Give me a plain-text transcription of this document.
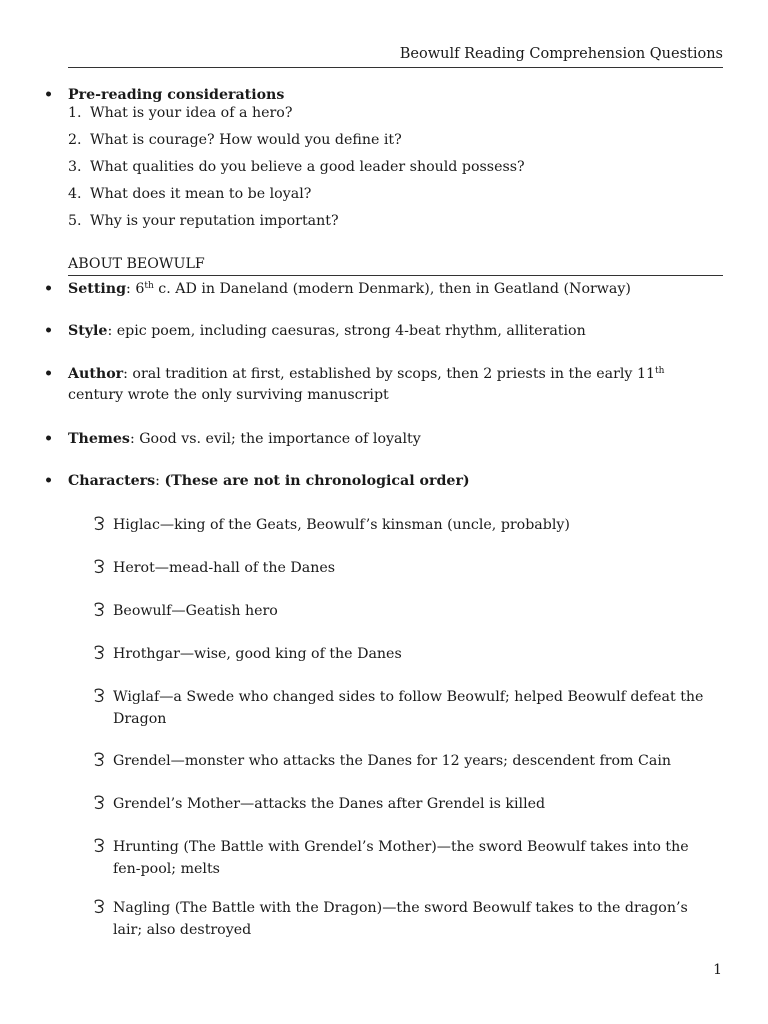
Beowulf Reading Comprehension Questions
•	Pre-reading considerations
1. What is your idea of a hero?
2. What is courage? How would you define it?
3. What qualities do you believe a good leader should possess?
4. What does it mean to be loyal?
5. Why is your reputation important?
ABOUT BEOWULF
•	Setting: 6th c. AD in Daneland (modern Denmark), then in Geatland (Norway)
•	Style: epic poem, including caesuras, strong 4-beat rhythm, alliteration
•	Author: oral tradition at first, established by scops, then 2 priests in the early 11th
century wrote the only surviving manuscript
•	Themes: Good vs. evil; the importance of loyalty
•	Characters: (These are not in chronological order)
Higlac—king of the Geats, Beowulf’s kinsman (uncle, probably)
Herot—mead-hall of the Danes
Beowulf—Geatish hero
Hrothgar—wise, good king of the Danes
Wiglaf—a Swede who changed sides to follow Beowulf; helped Beowulf defeat the Dragon
Grendel—monster who attacks the Danes for 12 years; descendent from Cain
Grendel’s Mother—attacks the Danes after Grendel is killed
Hrunting (The Battle with Grendel’s Mother)—the sword Beowulf takes into the fen-pool; melts
Nagling (The Battle with the Dragon)—the sword Beowulf takes to the dragon’s lair; also destroyed
1
